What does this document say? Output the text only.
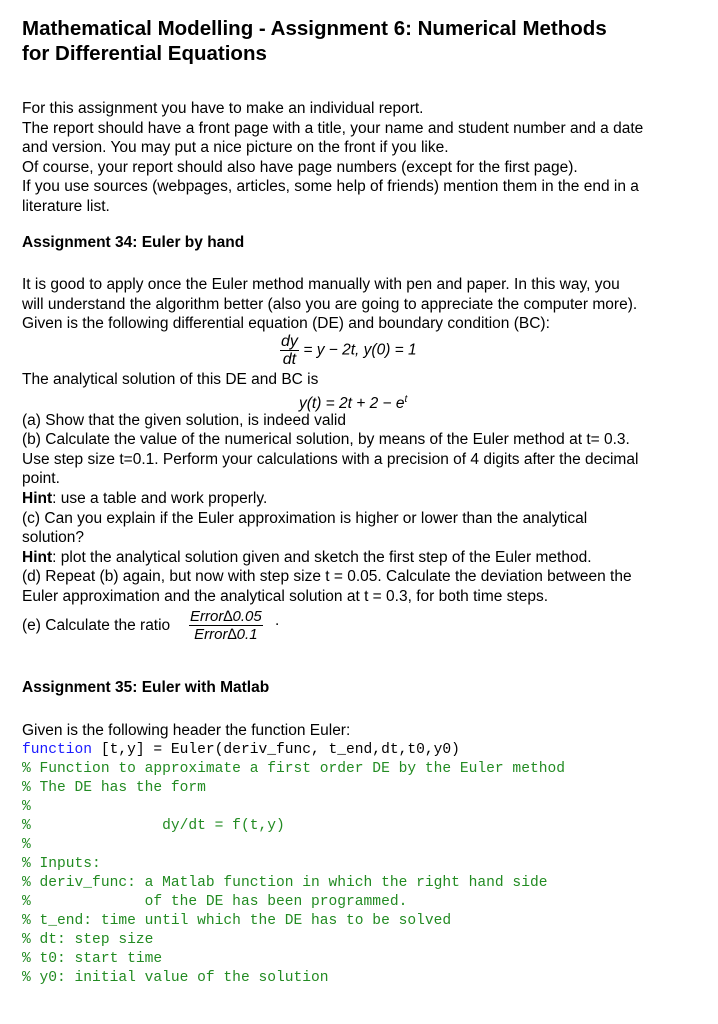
Mathematical Modelling - Assignment 6: Numerical Methods
for Differential Equations

For this assignment you have to make an individual report.

The report should have a front page with a title, your name and student number and a date

and version. You may put a nice picture on the front if you like.

Of course, your report should also have page numbers (except for the first page).

If you use sources (webpages, articles, some help of friends) mention them in the end in a

literature list.

Assignment 34: Euler by hand

It is good to apply once the Euler method manually with pen and paper. In this way, you

will understand the algorithm better (also you are going to appreciate the computer more).

Given is the following differential equation (DE) and boundary condition (BC):

$\frac{dy}{dt} = y - 2t$, y(0) = 1

The analytical solution of this DE and BC is

$y(t) = 2t + 2 - e^t$

(a) Show that the given solution, is indeed valid

(b) Calculate the value of the numerical solution, by means of the Euler method at t= 0.3.

Use step size t=0.1. Perform your calculations with a precision of 4 digits after the decimal

point.

Hint: use a table and work properly.

(c) Can you explain if the Euler approximation is higher or lower than the analytical

solution?

Hint: plot the analytical solution given and sketch the first step of the Euler method.

(d) Repeat (b) again, but now with step size t = 0.05. Calculate the deviation between the

Euler approximation and the analytical solution at t = 0.3, for both time steps.

(e) Calculate the ratio
Error∆0.05
Error∆0.1
.
Assignment 35: Euler with Matlab

Given is the following header the function Euler:

function [t,y] = Euler(deriv_func, t_end,dt,t0,y0)
% Function to approximate a first order DE by the Euler method
% The DE has the form
%
%               dy/dt = f(t,y)
%
% Inputs:
% deriv_func: a Matlab function in which the right hand side
%             of the DE has been programmed.
% t_end: time until which the DE has to be solved
% dt: step size
% t0: start time
% y0: initial value of the solution
